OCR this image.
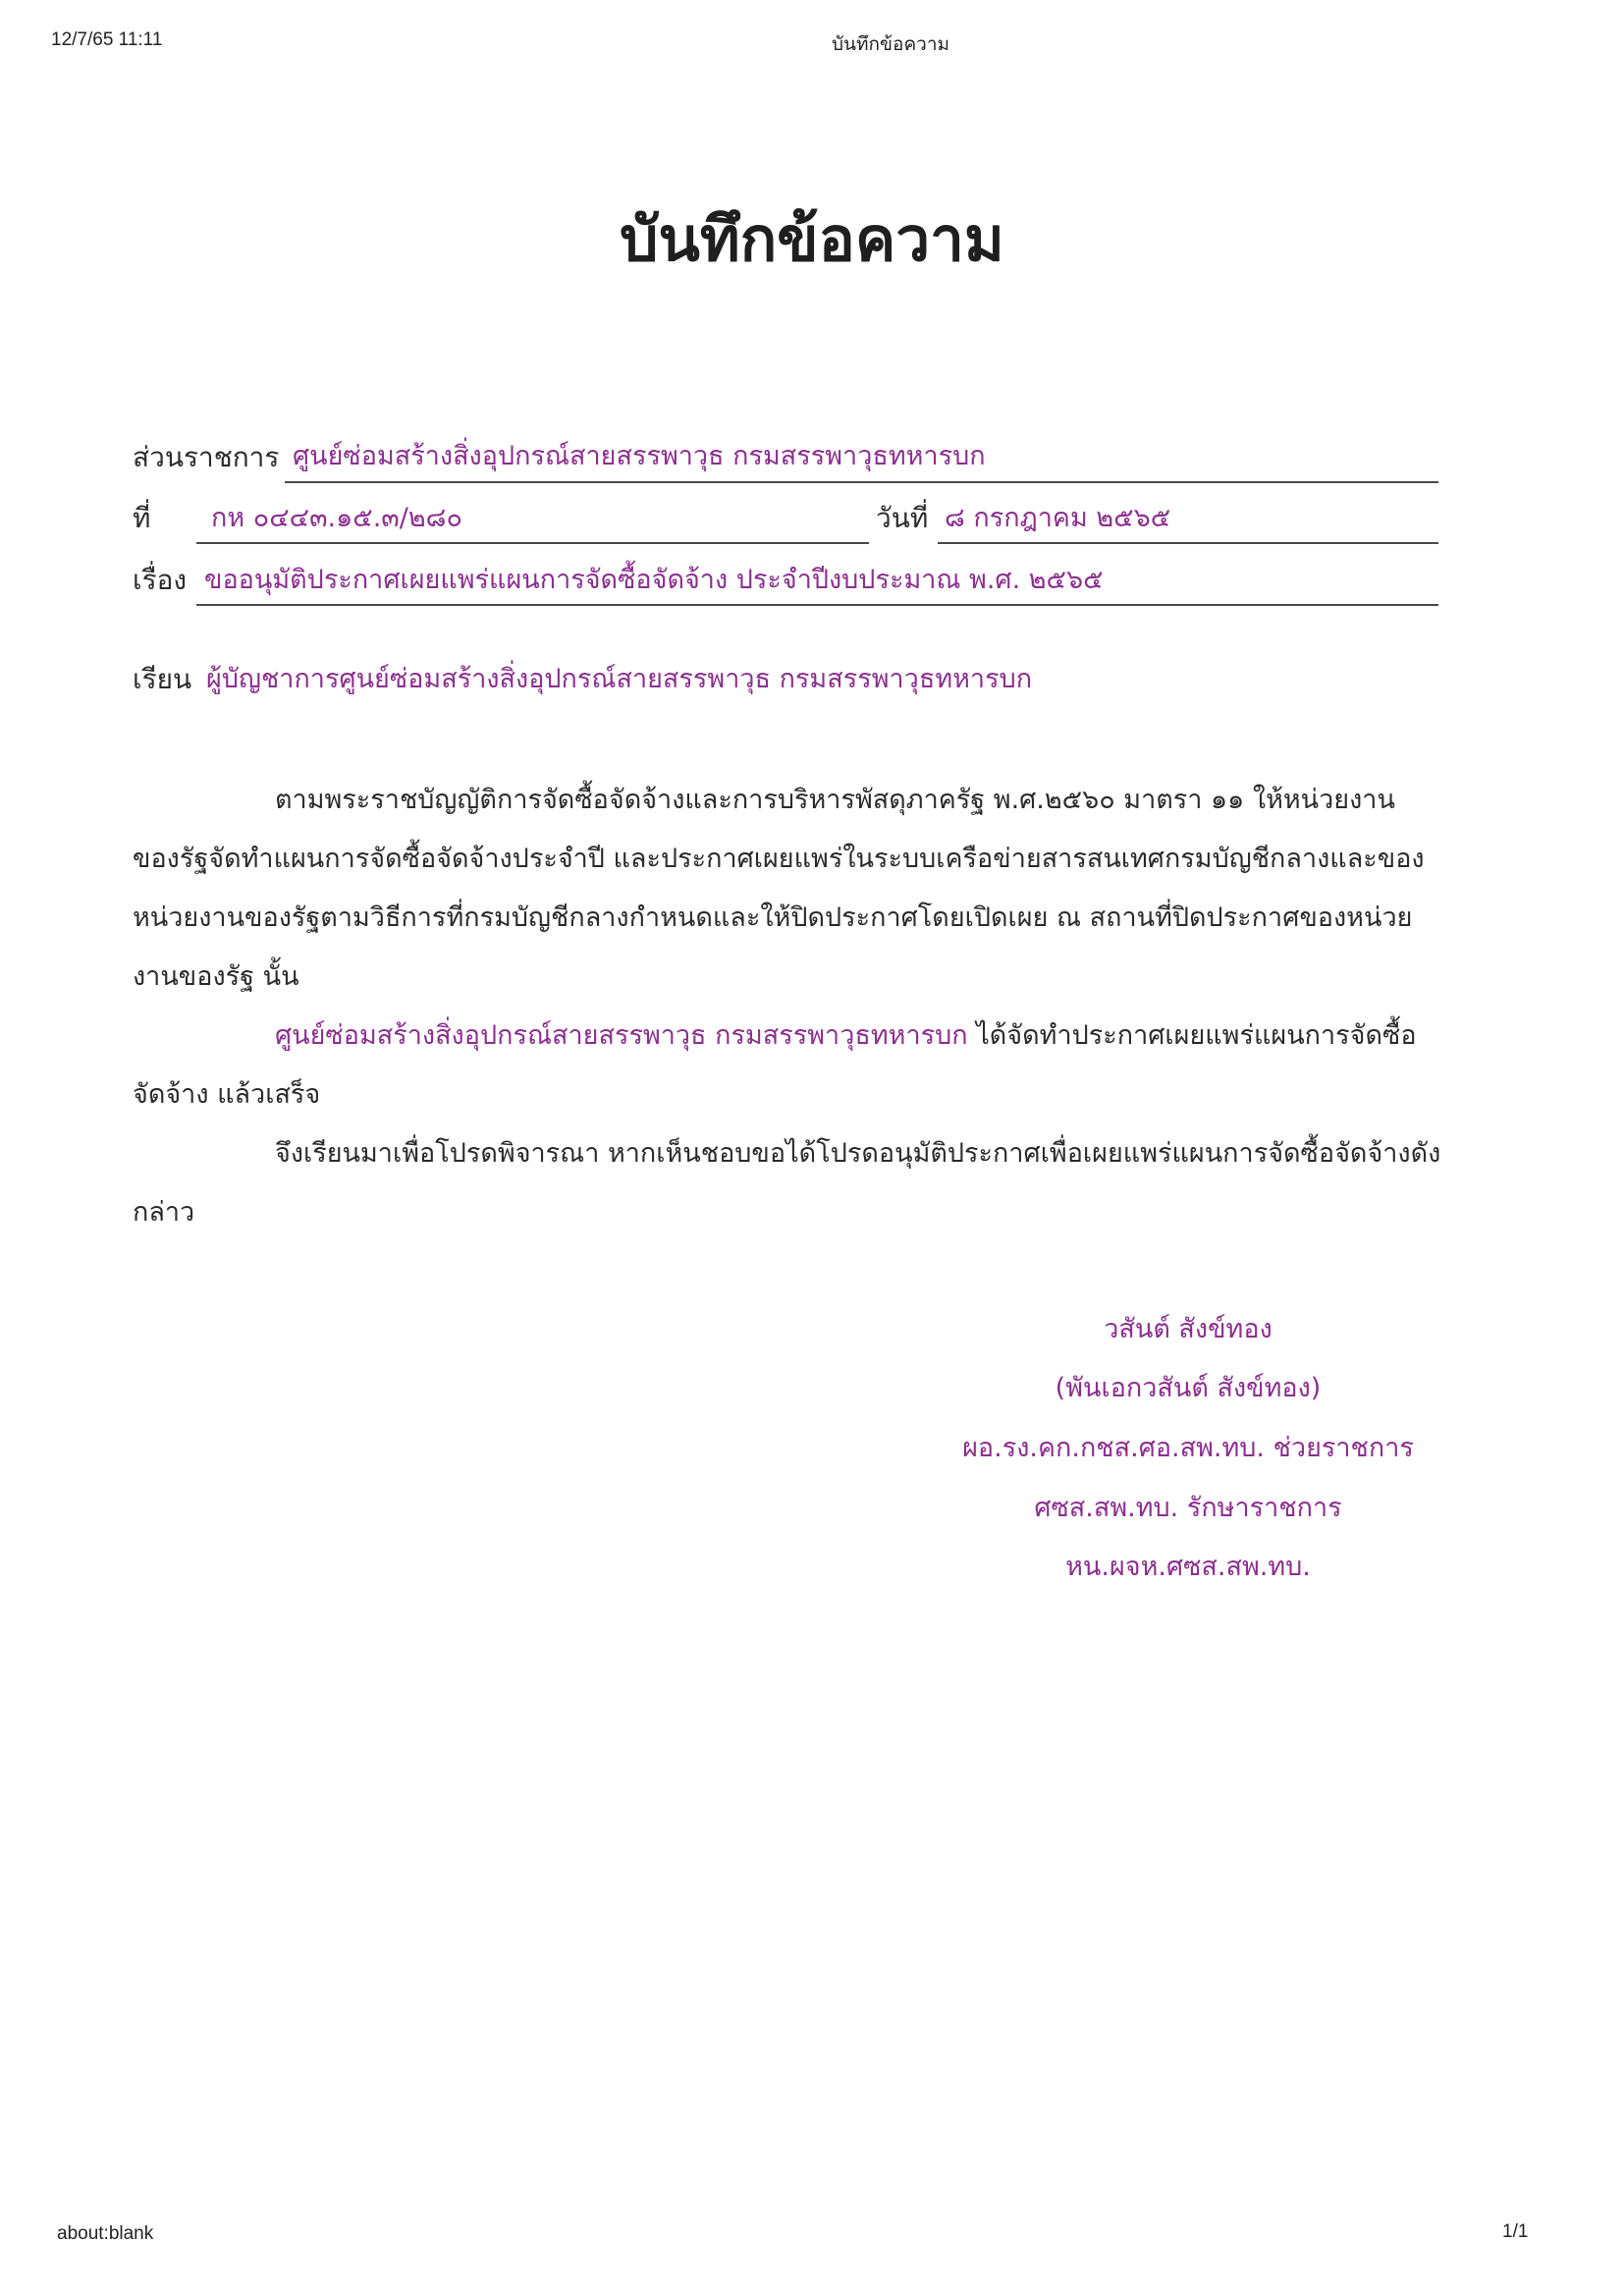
12/7/65 11:11	บันทึกข้อความ
บันทึกข้อความ
ส่วนราชการ ศูนย์ซ่อมสร้างสิ่งอุปกรณ์สายสรรพาวุธ กรมสรรพาวุธทหารบก
ที่ กห ๐๔๔๓.๑๕.๓/๒๘๐	วันที่ ๘ กรกฎาคม ๒๕๖๕
เรื่อง ขออนุมัติประกาศเผยแพร่แผนการจัดซื้อจัดจ้าง ประจำปีงบประมาณ พ.ศ. ๒๕๖๕
เรียน ผู้บัญชาการศูนย์ซ่อมสร้างสิ่งอุปกรณ์สายสรรพาวุธ กรมสรรพาวุธทหารบก
ตามพระราชบัญญัติการจัดซื้อจัดจ้างและการบริหารพัสดุภาครัฐ พ.ศ.๒๕๖๐ มาตรา ๑๑ ให้หน่วยงาน
ของรัฐจัดทำแผนการจัดซื้อจัดจ้างประจำปี และประกาศเผยแพร่ในระบบเครือข่ายสารสนเทศกรมบัญชีกลางและของ
หน่วยงานของรัฐตามวิธีการที่กรมบัญชีกลางกำหนดและให้ปิดประกาศโดยเปิดเผย ณ สถานที่ปิดประกาศของหน่วย
งานของรัฐ นั้น
ศูนย์ซ่อมสร้างสิ่งอุปกรณ์สายสรรพาวุธ กรมสรรพาวุธทหารบก ได้จัดทำประกาศเผยแพร่แผนการจัดซื้อ
จัดจ้าง แล้วเสร็จ
จึงเรียนมาเพื่อโปรดพิจารณา หากเห็นชอบขอได้โปรดอนุมัติประกาศเพื่อเผยแพร่แผนการจัดซื้อจัดจ้างดัง
กล่าว
วสันต์ สังข์ทอง
(พันเอกวสันต์ สังข์ทอง)
ผอ.รง.คก.กชส.ศอ.สพ.ทบ. ช่วยราชการ
ศซส.สพ.ทบ. รักษาราชการ
หน.ผจห.ศซส.สพ.ทบ.
about:blank	1/1
